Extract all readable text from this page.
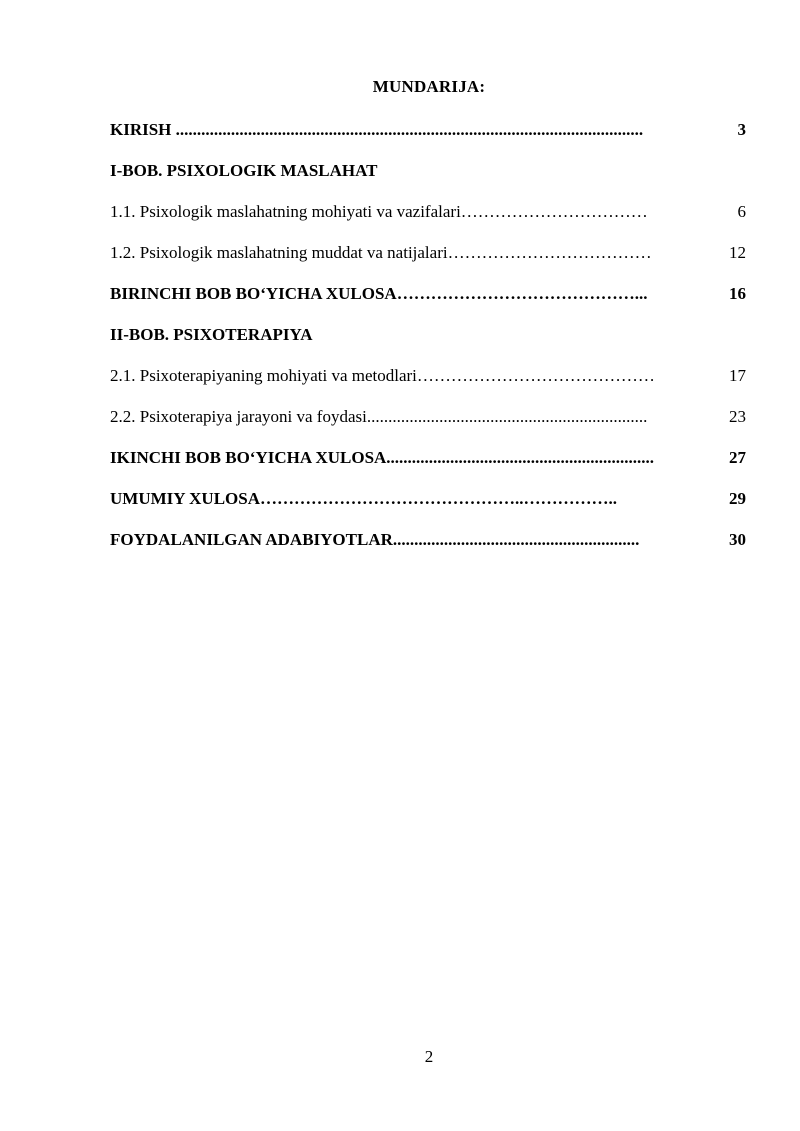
MUNDARIJA:
KIRISH ..............................................................................................................	3
I-BOB. PSIXOLOGIK MASLAHAT
1.1. Psixologik maslahatning mohiyati va vazifalari……………………………	6
1.2. Psixologik maslahatning muddat va natijalari………………………………	12
BIRINCHI BOB BO‘YICHA XULOSA……………………………………...	16
II-BOB. PSIXOTERAPIYA
2.1. Psixoterapiyaning mohiyati va metodlari……………………………………	17
2.2. Psixoterapiya jarayoni va foydasi..................................................................	23
IKINCHI BOB BO‘YICHA XULOSA...............................................................	27
UMUMIY XULOSA………………………………………..……………..	29
FOYDALANILGAN ADABIYOTLAR..........................................................	30
2
